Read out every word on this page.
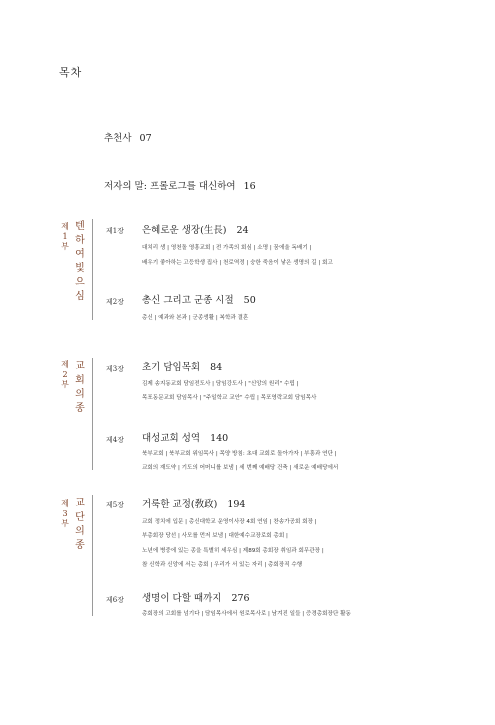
목차
추천사 07
저자의 말: 프롤로그를 대신하여 16
제1부
텐하여빛으심
제1장 은혜로운 생장(生長) 24
대치리 생 | 영천돌 영흥교회 | 전 가족의 회심 | 소명 | 꿈에울 독배기 |
배우기 좋아하는 고등학생 집사 | 천로역정 | 숭한 죽음이 낳은 생명의 길 | 회고
제2장 총신 그리고 군종 시절 50
총신 | 예과와 본과 | 군종생활 | 복학과 결혼
제2부
교회의종
제3장 초기 담임목회 84
김제 송지동교회 담임전도사 | 담임강도사 | "신앙의 원리" 수립 |
목포동문교회 담임목사 | "주일학교 교안" 수립 | 목포영락교회 담임목사
제4장 대성교회 성역 140
북부교회 | 북부교회 위임목사 | 목양 방침: 초대 교회로 돌아가자 | 부흥과 연단 |
교회의 재도약 | 기도의 어머니를 보냄 | 세 번째 예배당 건축 | 새로운 예배당에서
제3부
교단의종
제5장 거룩한 교정(敎政) 194
교회 정치에 입문 | 총신대학교 운영이사장 4회 연임 | 찬송가공회 회장 |
부총회장 당선 | 사모를 먼저 보냄 | 대한예수교장로회 총회 |
노년에 병중에 있는 종을 특별히 세우심 | 제89회 총회장 취임과 회무관장 |
참 신학과 신앙에 서는 총회 | 우리가 서 있는 자리 | 총회장직 수행
제6장 생명이 다할 때까지 276
총회장의 고회를 넘기다 | 담임목사에서 원로목사로 | 남겨진 일들 | 증경총회장단 활동
